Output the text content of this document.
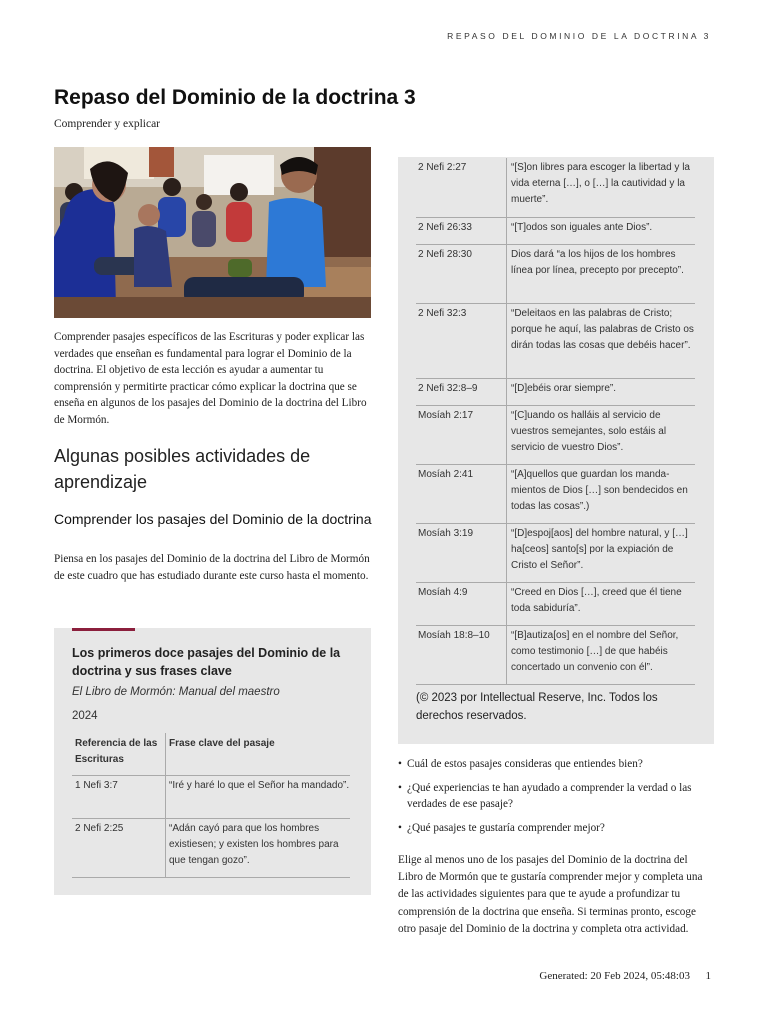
REPASO DEL DOMINIO DE LA DOCTRINA 3
Repaso del Dominio de la doctrina 3
Comprender y explicar

Comprender pasajes específicos de las Escrituras y poder explicar las verdades que enseñan es fundamental para lograr el Dominio de la doctrina. El objetivo de esta lección es ayudar a aumentar tu comprensión y permitirte practicar cómo explicar la doctrina que se enseña en algunos de los pasajes del Dominio de la doctrina del Libro de Mormón.

Algunas posibles actividades de aprendizaje
Comprender los pasajes del Dominio de la doctrina

Piensa en los pasajes del Dominio de la doctrina del Libro de Mormón de este cuadro que has estudiado durante este curso hasta el momento.

Los primeros doce pasajes del Dominio de la doctrina y sus frases clave
El Libro de Mormón: Manual del maestro
2024
Referencia de las Escrituras	Frase clave del pasaje
1 Nefi 3:7	“Iré y haré lo que el Señor ha mandado”.
2 Nefi 2:25	“Adán cayó para que los hombres existiesen; y existen los hombres para que tengan gozo”.
2 Nefi 2:27	“[S]on libres para escoger la libertad y la vida eterna […], o […] la cautividad y la muerte”.
2 Nefi 26:33	“[T]odos son iguales ante Dios”.
2 Nefi 28:30	Dios dará “a los hijos de los hombres línea por línea, precepto por precepto”.
2 Nefi 32:3	“Deleitaos en las palabras de Cristo; porque he aquí, las palabras de Cristo os dirán todas las cosas que debéis hacer”.
2 Nefi 32:8–9	“[D]ebéis orar siempre”.
Mosíah 2:17	“[C]uando os halláis al servicio de vuestros semejantes, solo estáis al servicio de vuestro Dios”.
Mosíah 2:41	“[A]quellos que guardan los mandamientos de Dios […] son bendecidos en todas las cosas”.)
Mosíah 3:19	“[D]espoj[aos] del hombre natural, y […] ha[ceos] santo[s] por la expiación de Cristo el Señor”.
Mosíah 4:9	“Creed en Dios […], creed que él tiene toda sabiduría”.
Mosíah 18:8–10	“[B]autiza[os] en el nombre del Señor, como testimonio […] de que habéis concertado un convenio con él”.
(© 2023 por Intellectual Reserve, Inc. Todos los derechos reservados.
• Cuál de estos pasajes consideras que entiendes bien?
• ¿Qué experiencias te han ayudado a comprender la verdad o las verdades de ese pasaje?
• ¿Qué pasajes te gustaría comprender mejor?

Elige al menos uno de los pasajes del Dominio de la doctrina del Libro de Mormón que te gustaría comprender mejor y completa una de las actividades siguientes para que te ayude a profundizar tu comprensión de la doctrina que enseña. Si terminas pronto, escoge otro pasaje del Dominio de la doctrina y completa otra actividad.

Generated: 20 Feb 2024, 05:48:03 1
